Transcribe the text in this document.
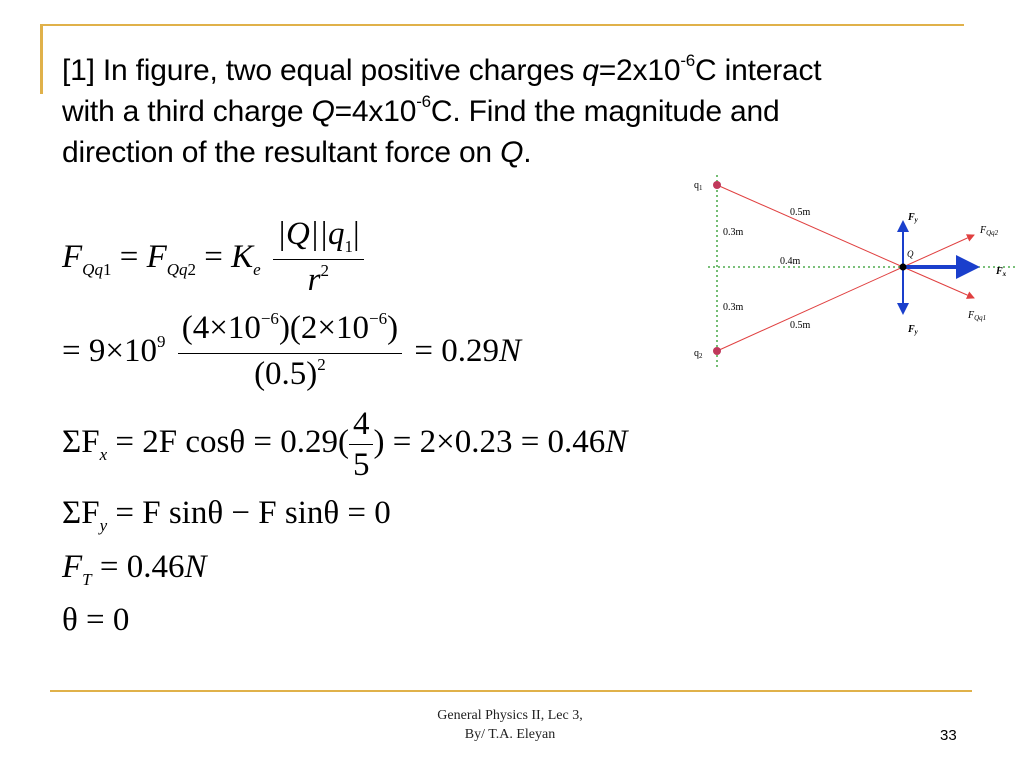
[1] In figure, two equal positive charges $q=2x10^{-6}C$ interact
with a third charge $Q=4x10^{-6}C$. Find the magnitude and
direction of the resultant force on Q.
$F_{Qq1} = F_{Qq2} = K_e \frac{|Q||q_1|}{r^2}$
= $9\times 10^9 \frac{(4\times 10^{-6})(2\times 10^{-6})}{(0.5)^2} = 0.29N$
$\Sigma F_x = 2F$ $\cos\theta = 0.29( \frac{4}{5}$ ) = 2×0.23 = 0.46N
$\Sigma F_y = F$ sinθ − F sinθ = 0
$F_T = 0.46N$
θ = 0
$q_1$
$q_2$
0.5m
0.5m
0.3m
0.3m
0.4m
Q
$F_y$
$F_y$
$F_x$
$F_{Qq2}$
$F_{Qq1}$
General Physics II, Lec 3,
By/ T.A. Eleyan	33
